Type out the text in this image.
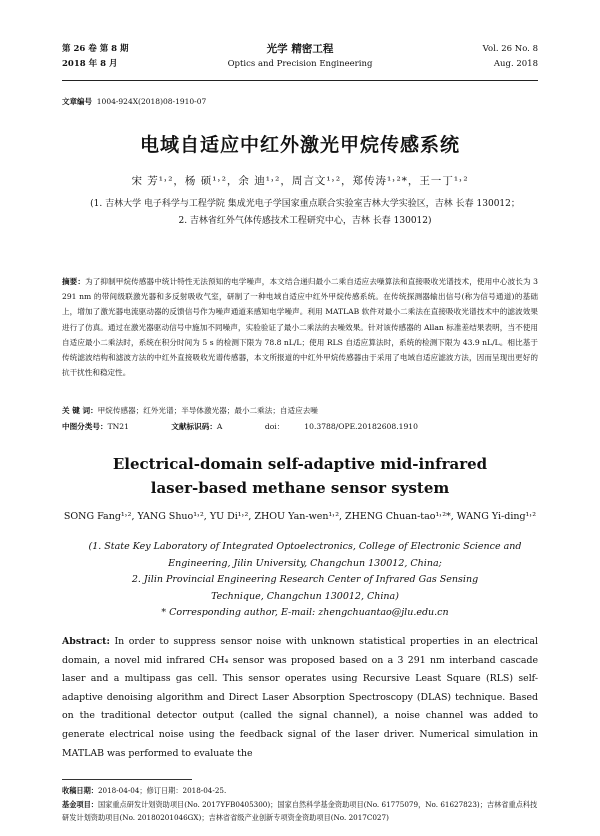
第 26 卷 第 8 期
2018 年 8 月
光学 精密工程
Optics and Precision Engineering
Vol. 26 No. 8
Aug. 2018
文章编号 1004-924X(2018)08-1910-07
电域自适应中红外激光甲烷传感系统
宋 芳¹˒²，杨 硕¹˒²，余 迪¹˒²，周言文¹˒²，郑传涛¹˒²*，王一丁¹˒²
(1. 吉林大学 电子科学与工程学院 集成光电子学国家重点联合实验室吉林大学实验区，吉林 长春 130012；
2. 吉林省红外气体传感技术工程研究中心，吉林 长春 130012)
摘要：为了抑制甲烷传感器中统计特性无法预知的电学噪声，本文结合递归最小二乘自适应去噪算法和直接吸收光谱技术，使用中心波长为 3 291 nm 的带间级联激光器和多反射吸收气室，研制了一种电域自适应中红外甲烷传感系统。在传统探测器输出信号(称为信号通道)的基础上，增加了激光器电流驱动器的反馈信号作为噪声通道来感知电学噪声。利用 MATLAB 软件对最小二乘法在直接吸收光谱技术中的滤波效果进行了仿真。通过在激光器驱动信号中施加不同噪声，实验验证了最小二乘法的去噪效果。针对该传感器的 Allan 标准差结果表明，当不使用自适应最小二乘法时，系统在积分时间为 5 s 的检测下限为 78.8 nL/L；使用 RLS 自适应算法时，系统的检测下限为 43.9 nL/L。相比基于传统滤波结构和滤波方法的中红外直接吸收光谱传感器，本文所报道的中红外甲烷传感器由于采用了电域自适应滤波方法，因而呈现出更好的抗干扰性和稳定性。
关 键 词：甲烷传感器；红外光谱；半导体激光器；最小二乘法；自适应去噪
中图分类号：TN21	文献标识码：A	doi：	10.3788/OPE.20182608.1910
Electrical-domain self-adaptive mid-infrared
laser-based methane sensor system
SONG Fang¹˒², YANG Shuo¹˒², YU Di¹˒², ZHOU Yan-wen¹˒², ZHENG Chuan-tao¹˒²*, WANG Yi-ding¹˒²
(1. State Key Laboratory of Integrated Optoelectronics, College of Electronic Science and
Engineering, Jilin University, Changchun 130012, China;
2. Jilin Provincial Engineering Research Center of Infrared Gas Sensing
Technique, Changchun 130012, China)
* Corresponding author, E-mail: zhengchuantao@jlu.edu.cn
Abstract: In order to suppress sensor noise with unknown statistical properties in an electrical domain, a novel mid infrared CH₄ sensor was proposed based on a 3 291 nm interband cascade laser and a multipass gas cell. This sensor operates using Recursive Least Square (RLS) self-adaptive denoising algorithm and Direct Laser Absorption Spectroscopy (DLAS) technique. Based on the traditional detector output (called the signal channel), a noise channel was added to generate electrical noise using the feedback signal of the laser driver. Numerical simulation in MATLAB was performed to evaluate the
收稿日期：2018-04-04；修订日期：2018-04-25.
基金项目：国家重点研发计划资助项目(No. 2017YFB0405300)；国家自然科学基金资助项目(No. 61775079，No. 61627823)；吉林省重点科技研发计划资助项目(No. 20180201046GX)；吉林省省级产业创新专项资金资助项目(No. 2017C027)
